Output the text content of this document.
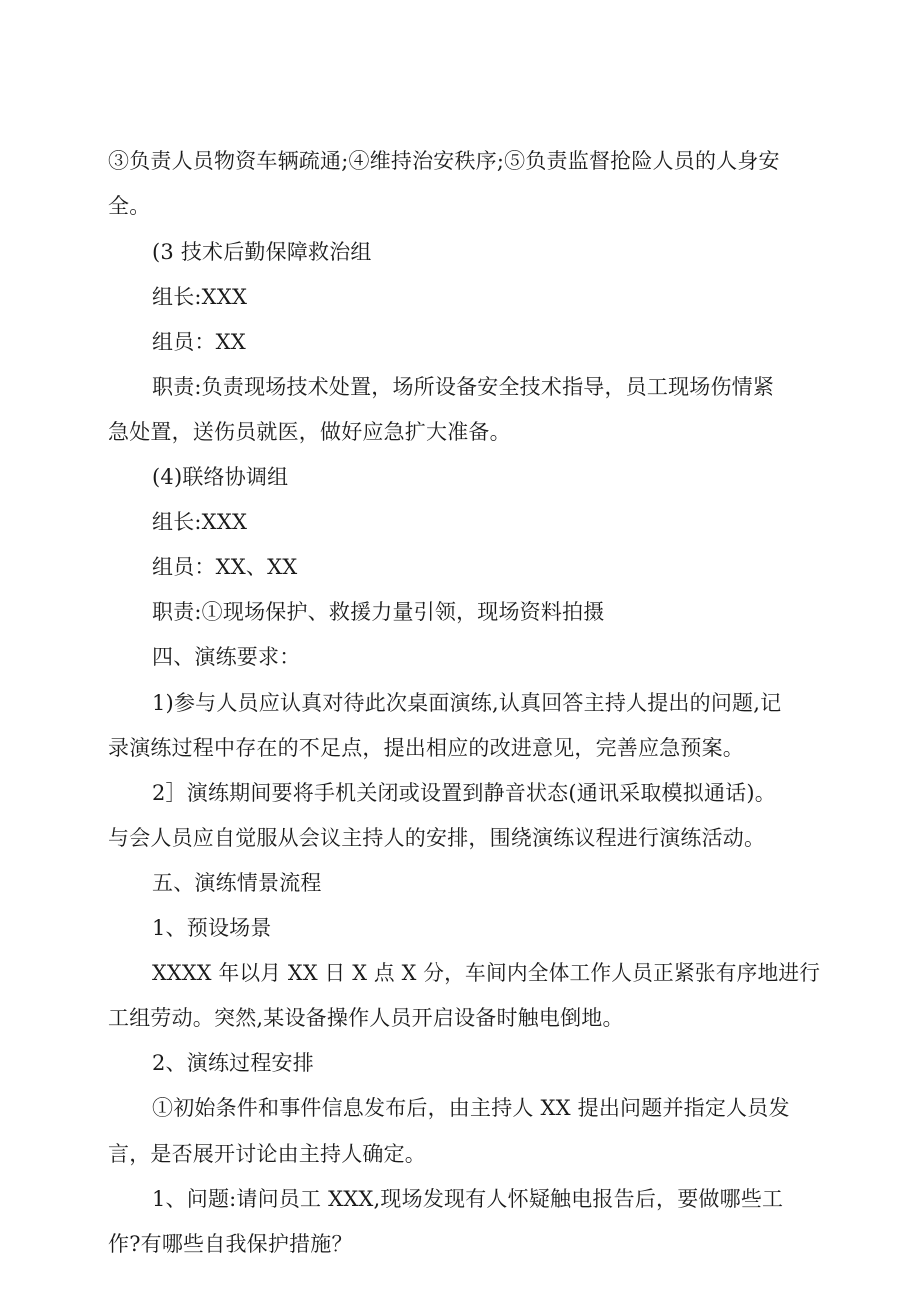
③负责人员物资车辆疏通;④维持治安秩序;⑤负责监督抢险人员的人身安
全。
(3 技术后勤保障救治组
组长:XXX
组员：XX
职责:负责现场技术处置，场所设备安全技术指导，员工现场伤情紧
急处置，送伤员就医，做好应急扩大准备。
(4)联络协调组
组长:XXX
组员：XX、XX
职责:①现场保护、救援力量引领，现场资料拍摄
四、演练要求：
1)参与人员应认真对待此次桌面演练,认真回答主持人提出的问题,记
录演练过程中存在的不足点，提出相应的改进意见，完善应急预案。
2］演练期间要将手机关闭或设置到静音状态(通讯采取模拟通话)。
与会人员应自觉服从会议主持人的安排，围绕演练议程进行演练活动。
五、演练情景流程
1、预设场景
XXXX 年以月 XX 日 X 点 X 分，车间内全体工作人员正紧张有序地进行
工组劳动。突然,某设备操作人员开启设备时触电倒地。
2、演练过程安排
①初始条件和事件信息发布后，由主持人 XX 提出问题并指定人员发
言，是否展开讨论由主持人确定。
1、问题:请问员工 XXX,现场发现有人怀疑触电报告后，要做哪些工
作?有哪些自我保护措施？
